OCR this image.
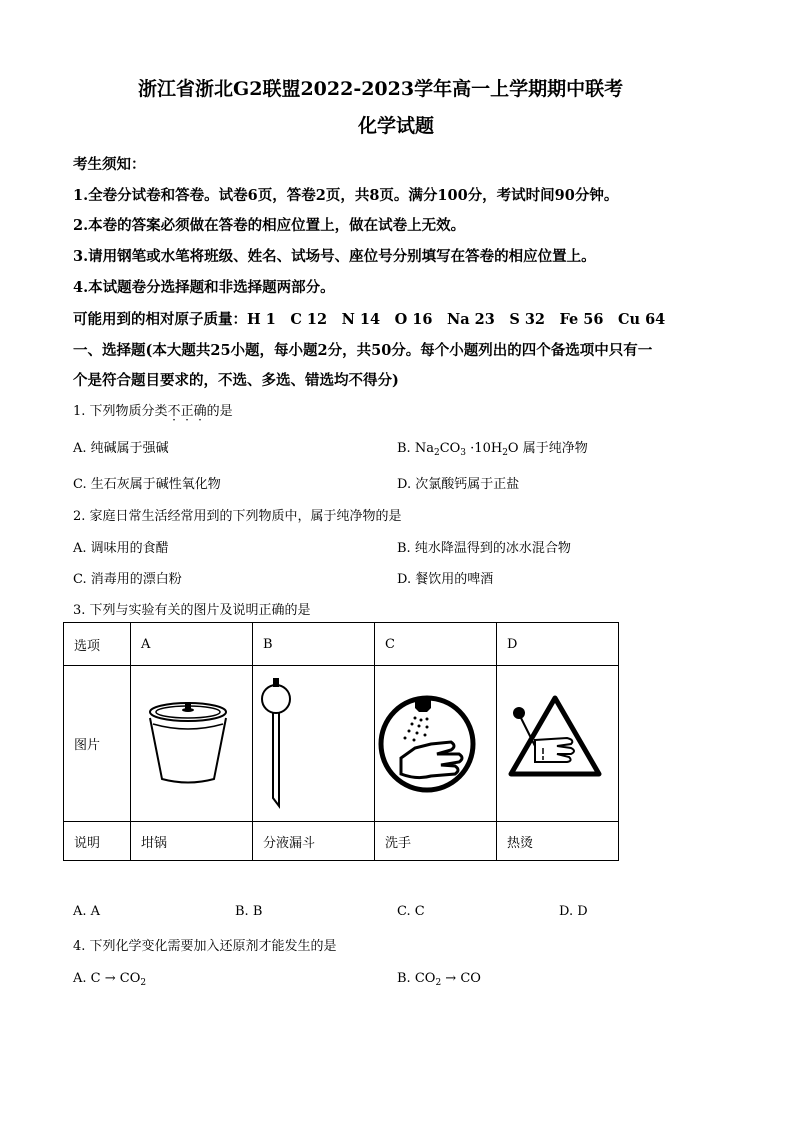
浙江省浙北G2联盟2022-2023学年高一上学期期中联考
化学试题
考生须知：
1.全卷分试卷和答卷。试卷6页，答卷2页，共8页。满分100分，考试时间90分钟。
2.本卷的答案必须做在答卷的相应位置上，做在试卷上无效。
3.请用钢笔或水笔将班级、姓名、试场号、座位号分别填写在答卷的相应位置上。
4.本试题卷分选择题和非选择题两部分。
可能用到的相对原子质量：H 1　C 12　N 14　O 16　Na 23　S 32　Fe 56　Cu 64
一、选择题(本大题共25小题，每小题2分，共50分。每个小题列出的四个备选项中只有一
个是符合题目要求的，不选、多选、错选均不得分)
1. 下列物质分类不正确的是
A. 纯碱属于强碱	B. $Na_2CO_3 \cdot 10H_2O$ 属于纯净物
C. 生石灰属于碱性氧化物	D. 次氯酸钙属于正盐
2. 家庭日常生活经常用到的下列物质中，属于纯净物的是
A. 调味用的食醋	B. 纯水降温得到的冰水混合物
C. 消毒用的漂白粉	D. 餐饮用的啤酒
3. 下列与实验有关的图片及说明正确的是
选项	A	B	C	D
图片	

说明	坩锅	分液漏斗	洗手	热烫
A. A	B. B	C. C	D. D
4. 下列化学变化需要加入还原剂才能发生的是
A. $C \to CO_2$	B. $CO_2$ → CO
